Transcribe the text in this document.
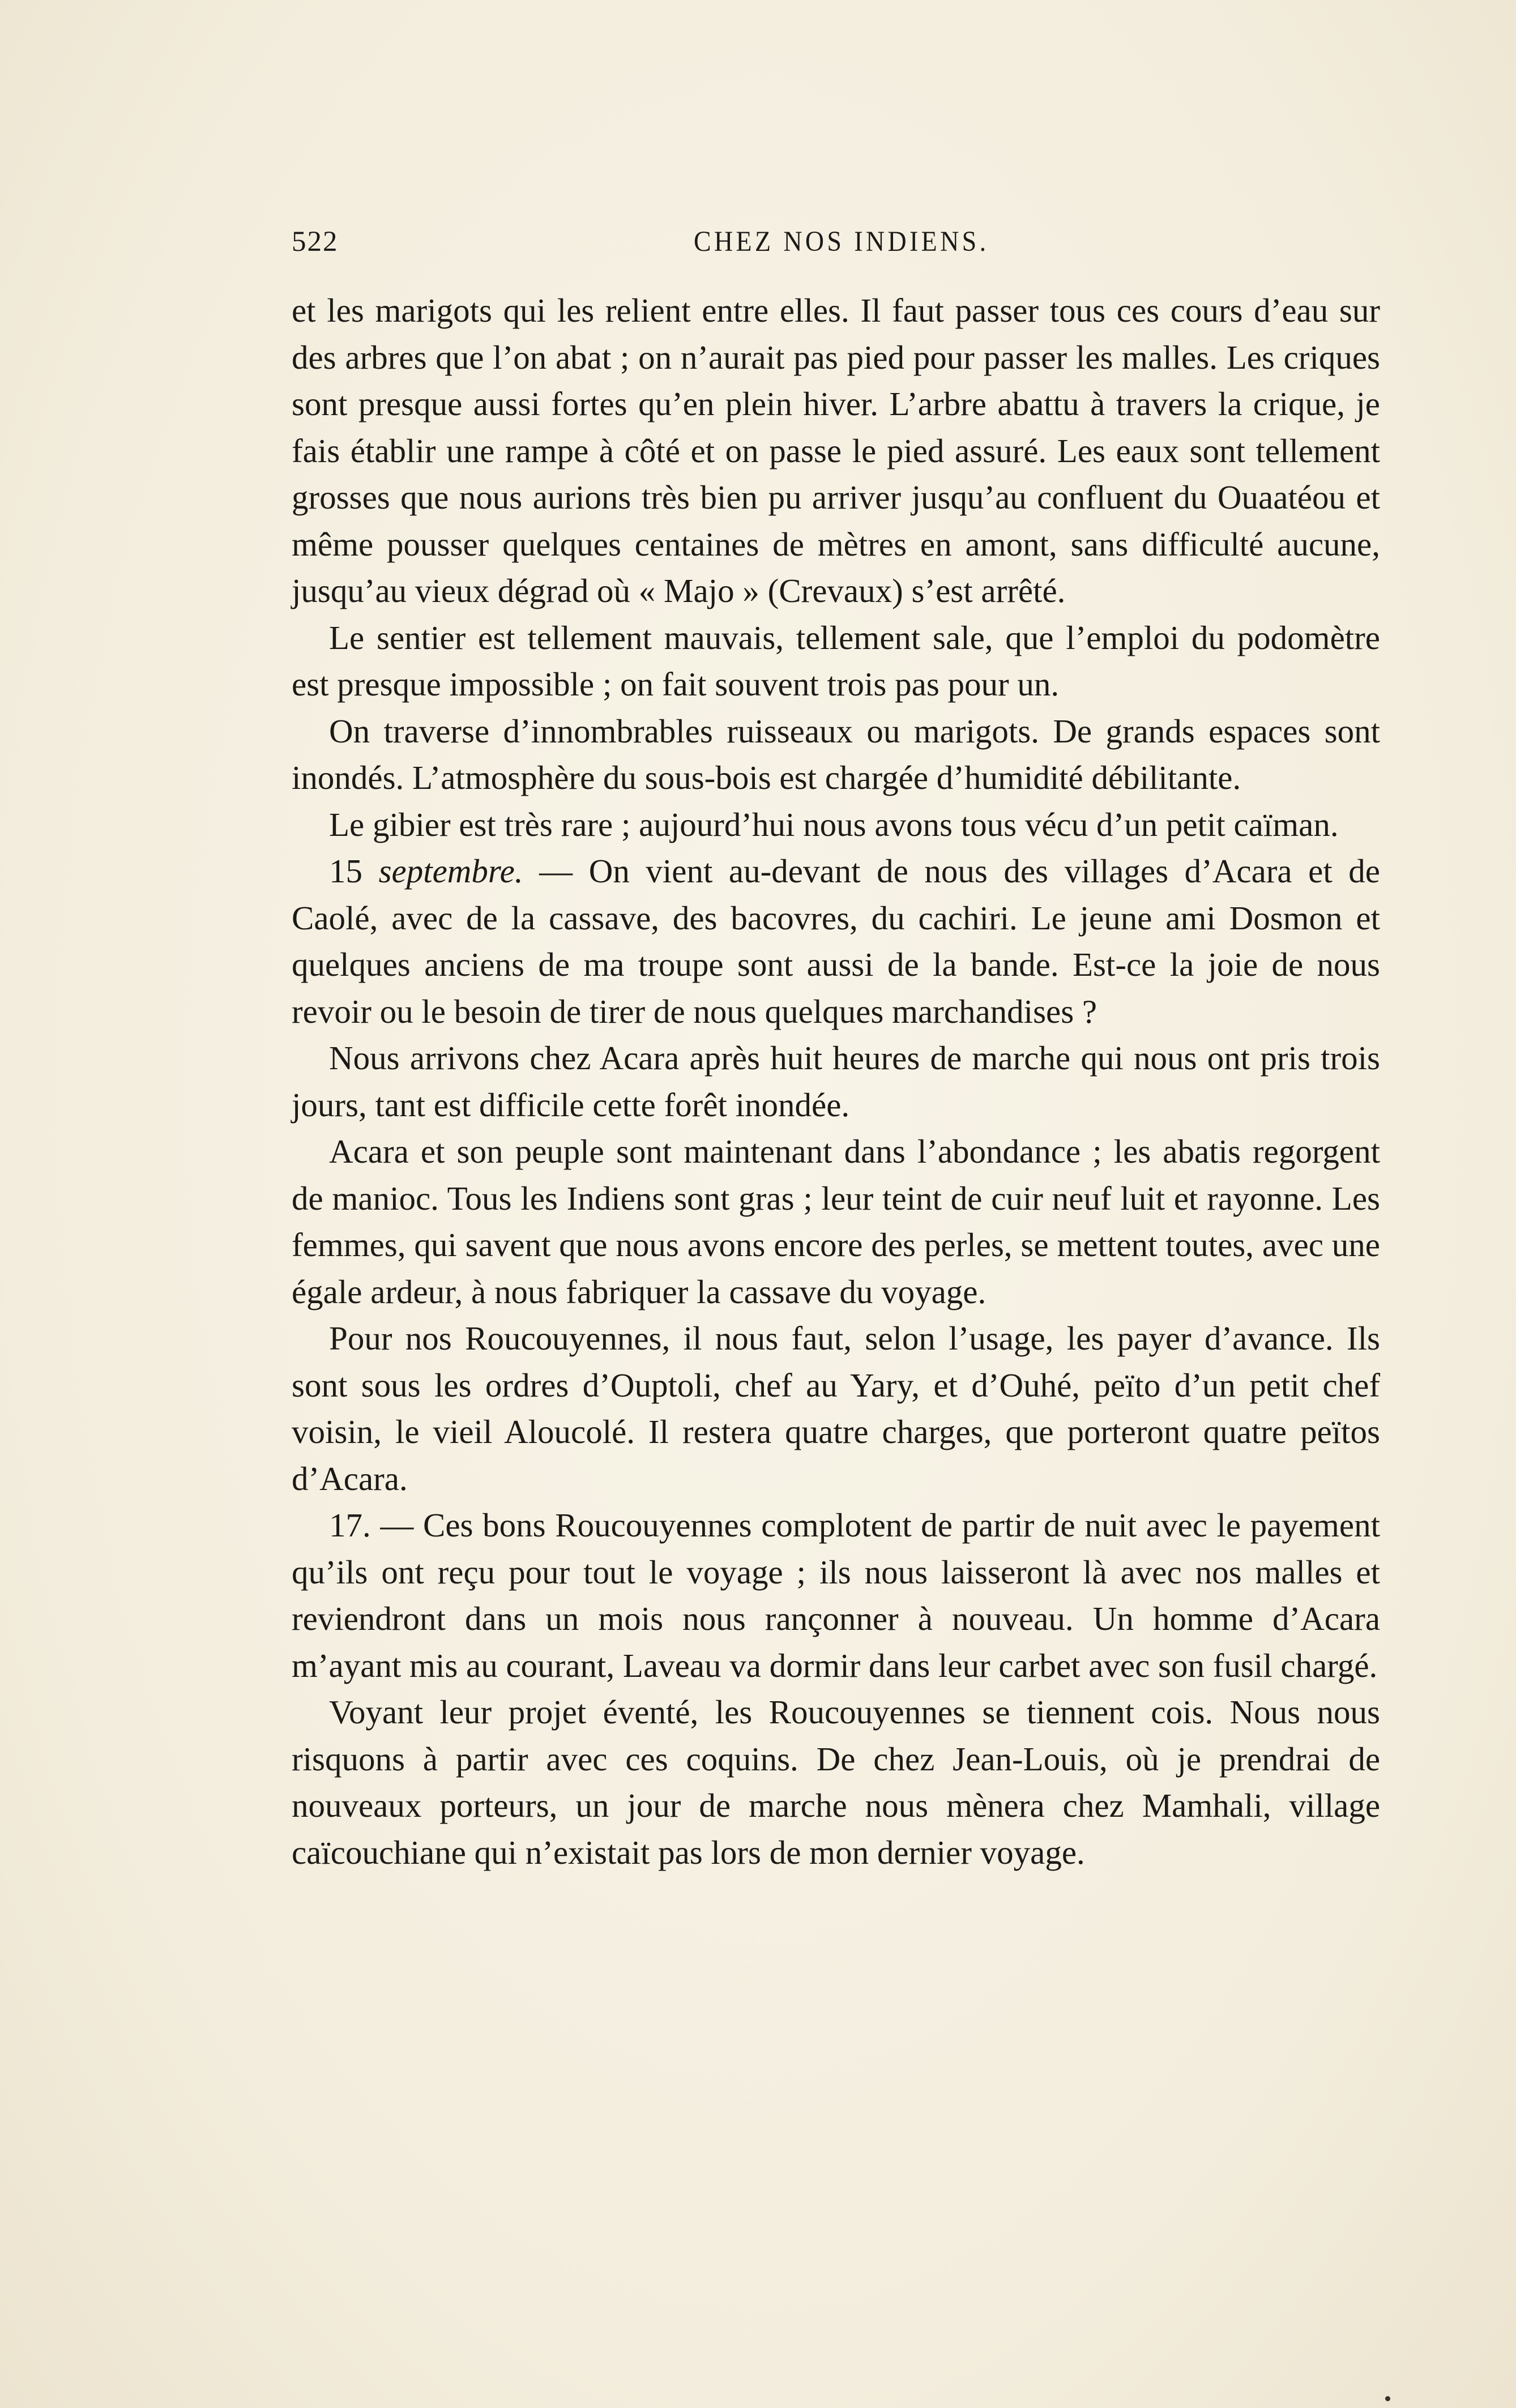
522	CHEZ NOS INDIENS.

et les marigots qui les relient entre elles. Il faut passer tous ces cours d’eau sur des arbres que l’on abat ; on n’aurait pas pied pour passer les malles. Les criques sont presque aussi fortes qu’en plein hiver. L’arbre abattu à travers la crique, je fais établir une rampe à côté et on passe le pied assuré. Les eaux sont tellement grosses que nous aurions très bien pu arriver jusqu’au confluent du Ouaatéou et même pousser quelques centaines de mètres en amont, sans difficulté aucune, jusqu’au vieux dégrad où « Majo » (Crevaux) s’est arrêté.

Le sentier est tellement mauvais, tellement sale, que l’emploi du podomètre est presque impossible ; on fait souvent trois pas pour un.

On traverse d’innombrables ruisseaux ou marigots. De grands espaces sont inondés. L’atmosphère du sous-bois est chargée d’humidité débilitante.

Le gibier est très rare ; aujourd’hui nous avons tous vécu d’un petit caïman.

15 septembre. — On vient au-devant de nous des villages d’Acara et de Caolé, avec de la cassave, des bacovres, du cachiri. Le jeune ami Dosmon et quelques anciens de ma troupe sont aussi de la bande. Est-ce la joie de nous revoir ou le besoin de tirer de nous quelques marchandises ?

Nous arrivons chez Acara après huit heures de marche qui nous ont pris trois jours, tant est difficile cette forêt inondée.

Acara et son peuple sont maintenant dans l’abondance ; les abatis regorgent de manioc. Tous les Indiens sont gras ; leur teint de cuir neuf luit et rayonne. Les femmes, qui savent que nous avons encore des perles, se mettent toutes, avec une égale ardeur, à nous fabriquer la cassave du voyage.

Pour nos Roucouyennes, il nous faut, selon l’usage, les payer d’avance. Ils sont sous les ordres d’Ouptoli, chef au Yary, et d’Ouhé, peïto d’un petit chef voisin, le vieil Aloucolé. Il restera quatre charges, que porteront quatre peïtos d’Acara.

17. — Ces bons Roucouyennes complotent de partir de nuit avec le payement qu’ils ont reçu pour tout le voyage ; ils nous laisseront là avec nos malles et reviendront dans un mois nous rançonner à nouveau. Un homme d’Acara m’ayant mis au courant, Laveau va dormir dans leur carbet avec son fusil chargé.

Voyant leur projet éventé, les Roucouyennes se tiennent cois. Nous nous risquons à partir avec ces coquins. De chez Jean-Louis, où je prendrai de nouveaux porteurs, un jour de marche nous mènera chez Mamhali, village caïcouchiane qui n’existait pas lors de mon dernier voyage.
